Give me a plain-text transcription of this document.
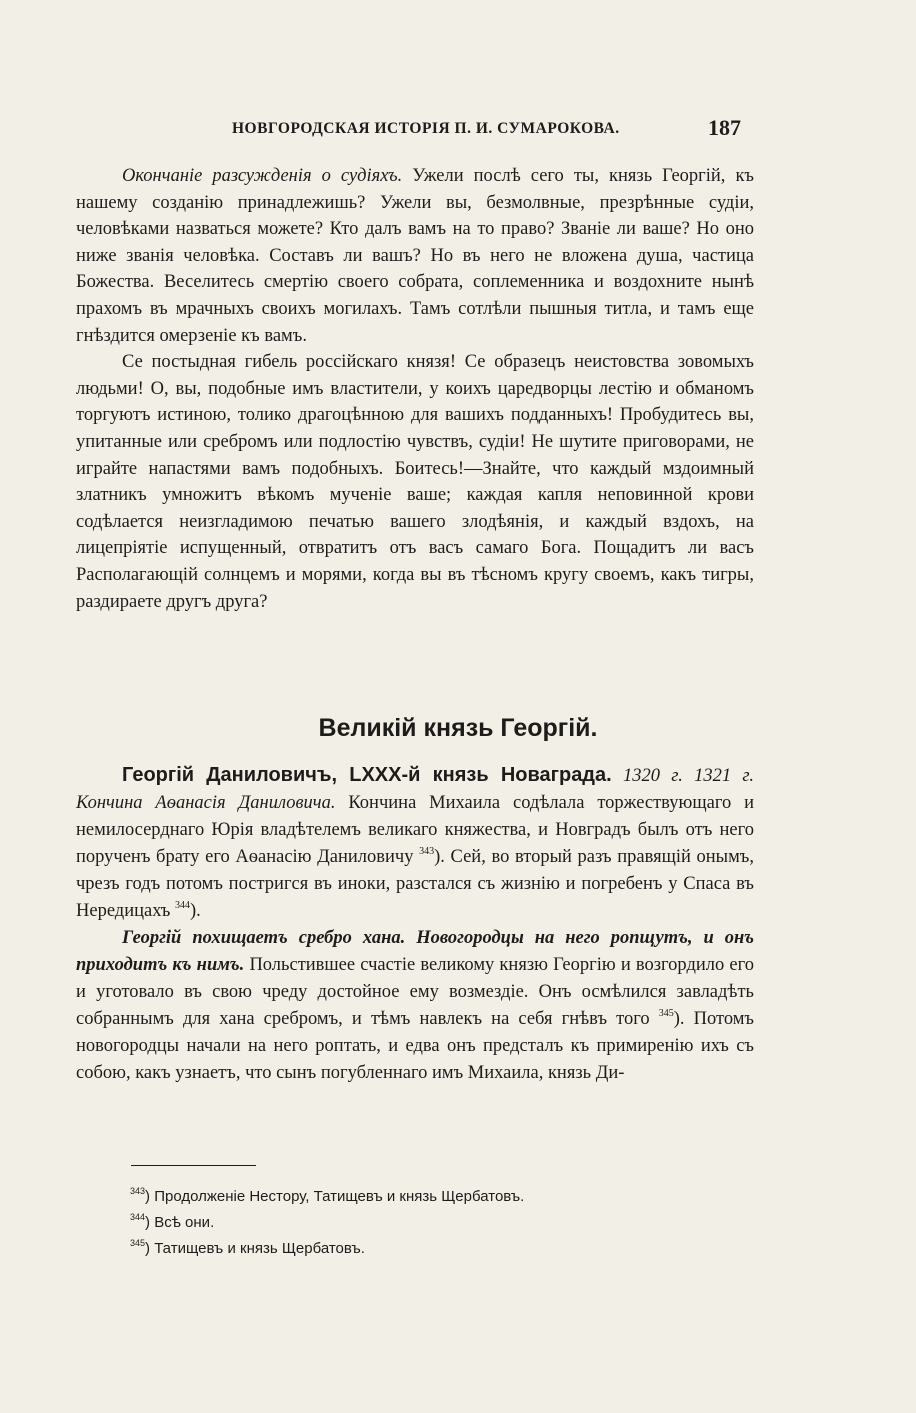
НОВГОРОДСКАЯ ИСТОРІЯ П. И. СУМАРОКОВА.	187

Окончаніе разсужденія о судіяхъ. Ужели послѣ сего ты, князь Георгій, къ нашему созданію принадлежишь? Ужели вы, безмолвные, презрѣнные судіи, человѣками назваться можете? Кто далъ вамъ на то право? Званіе ли ваше? Но оно ниже званія человѣка. Составъ ли вашъ? Но въ него не вложена душа, частица Божества. Веселитесь смертію своего собрата, соплеменника и воздохните нынѣ прахомъ въ мрачныхъ своихъ могилахъ. Тамъ сотлѣли пышныя титла, и тамъ еще гнѣздится омерзеніе къ вамъ.

Се постыдная гибель россійскаго князя! Се образецъ неистовства зовомыхъ людьми! О, вы, подобные имъ властители, у коихъ царедворцы лестію и обманомъ торгуютъ истиною, толико драгоцѣнною для вашихъ подданныхъ! Пробудитесь вы, упитанные или сребромъ или подлостію чувствъ, судіи! Не шутите приговорами, не играйте напастями вамъ подобныхъ. Боитесь!—Знайте, что каждый мздоимный златникъ умножитъ вѣкомъ мученіе ваше; каждая капля неповинной крови содѣлается неизгладимою печатью вашего злодѣянія, и каждый вздохъ, на лицепріятіе испущенный, отвратитъ отъ васъ самаго Бога. Пощадитъ ли васъ Располагающій солнцемъ и морями, когда вы въ тѣсномъ кругу своемъ, какъ тигры, раздираете другъ друга?

Великій князь Георгій.

Георгій Даниловичъ, LXXX-й князь Новаграда. 1320 г. 1321 г. Кончина Аѳанасія Даниловича. Кончина Михаила содѣлала торжествующаго и немилосерднаго Юрія владѣтелемъ великаго княжества, и Новградъ былъ отъ него порученъ брату его Аѳанасію Даниловичу $^{343}$). Сей, во вторый разъ правящій онымъ, чрезъ годъ потомъ постригся въ иноки, разстался съ жизнію и погребенъ у Спаса въ Нередицахъ $^{344}$).

Георгій похищаетъ сребро хана. Новогородцы на него ропщутъ, и онъ приходитъ къ нимъ. Польстившее счастіе великому князю Георгію и возгордило его и уготовало въ свою чреду достойное ему возмездіе. Онъ осмѣлился завладѣть собраннымъ для хана сребромъ, и тѣмъ навлекъ на себя гнѣвъ того $^{345}$). Потомъ новогородцы начали на него роптать, и едва онъ предсталъ къ примиренію ихъ съ собою, какъ узнаетъ, что сынъ погубленнаго имъ Михаила, князь Ди-

$^{343}$) Продолженіе Нестору, Татищевъ и князь Щербатовъ.

$^{344}$) Всѣ они.

$^{345}$) Татищевъ и князь Щербатовъ.
